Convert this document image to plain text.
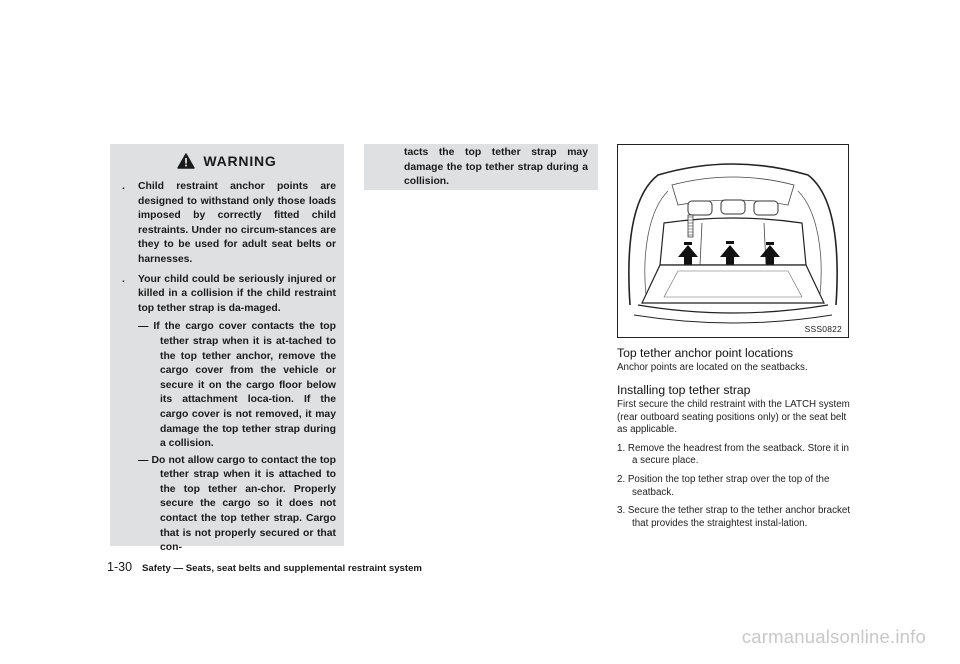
WARNING
. Child restraint anchor points are designed to withstand only those loads imposed by correctly fitted child restraints. Under no circum-stances are they to be used for adult seat belts or harnesses.
. Your child could be seriously injured or killed in a collision if the child restraint top tether strap is da-maged.
— If the cargo cover contacts the top tether strap when it is at-tached to the top tether anchor, remove the cargo cover from the vehicle or secure it on the cargo floor below its attachment loca-tion. If the cargo cover is not removed, it may damage the top tether strap during a collision.
— Do not allow cargo to contact the top tether strap when it is attached to the top tether an-chor. Properly secure the cargo so it does not contact the top tether strap. Cargo that is not properly secured or that con-
tacts the top tether strap may damage the top tether strap during a collision.
SSS0822
Top tether anchor point locations

Anchor points are located on the seatbacks.

Installing top tether strap

First secure the child restraint with the LATCH system (rear outboard seating positions only) or the seat belt as applicable.

1. Remove the headrest from the seatback. Store it in a secure place.
2. Position the top tether strap over the top of the seatback.
3. Secure the tether strap to the tether anchor bracket that provides the straightest instal-lation.
1-30 Safety — Seats, seat belts and supplemental restraint system
carmanualsonline.info
